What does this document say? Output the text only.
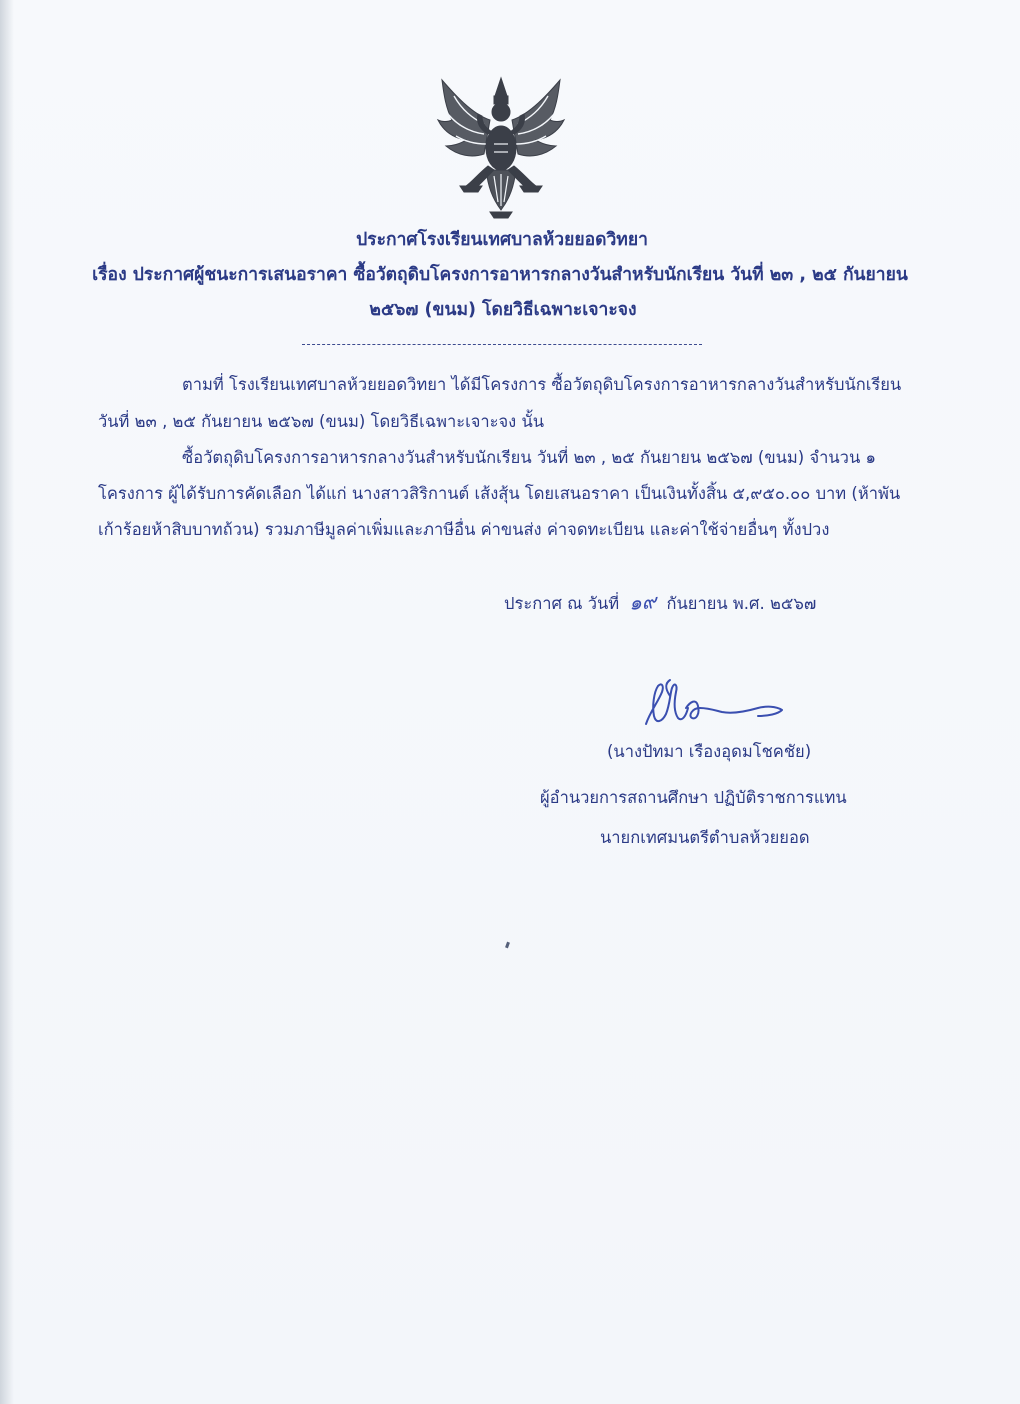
ประกาศโรงเรียนเทศบาลห้วยยอดวิทยา
เรื่อง ประกาศผู้ชนะการเสนอราคา ซื้อวัตถุดิบโครงการอาหารกลางวันสำหรับนักเรียน วันที่ ๒๓ , ๒๕ กันยายน
๒๕๖๗ (ขนม) โดยวิธีเฉพาะเจาะจง
ตามที่ โรงเรียนเทศบาลห้วยยอดวิทยา ได้มีโครงการ ซื้อวัตถุดิบโครงการอาหารกลางวันสำหรับนักเรียน
วันที่ ๒๓ , ๒๕ กันยายน ๒๕๖๗ (ขนม) โดยวิธีเฉพาะเจาะจง นั้น
ซื้อวัตถุดิบโครงการอาหารกลางวันสำหรับนักเรียน วันที่ ๒๓ , ๒๕ กันยายน ๒๕๖๗ (ขนม) จำนวน ๑
โครงการ ผู้ได้รับการคัดเลือก ได้แก่ นางสาวสิริกานต์ เส้งสุ้น โดยเสนอราคา เป็นเงินทั้งสิ้น ๕,๙๕๐.๐๐ บาท (ห้าพัน
เก้าร้อยห้าสิบบาทถ้วน) รวมภาษีมูลค่าเพิ่มและภาษีอื่น ค่าขนส่ง ค่าจดทะเบียน และค่าใช้จ่ายอื่นๆ ทั้งปวง
ประกาศ ณ วันที่ ๑๙ กันยายน พ.ศ. ๒๕๖๗
(นางปัทมา เรืองอุดมโชคชัย)
ผู้อำนวยการสถานศึกษา ปฏิบัติราชการแทน
นายกเทศมนตรีตำบลห้วยยอด
